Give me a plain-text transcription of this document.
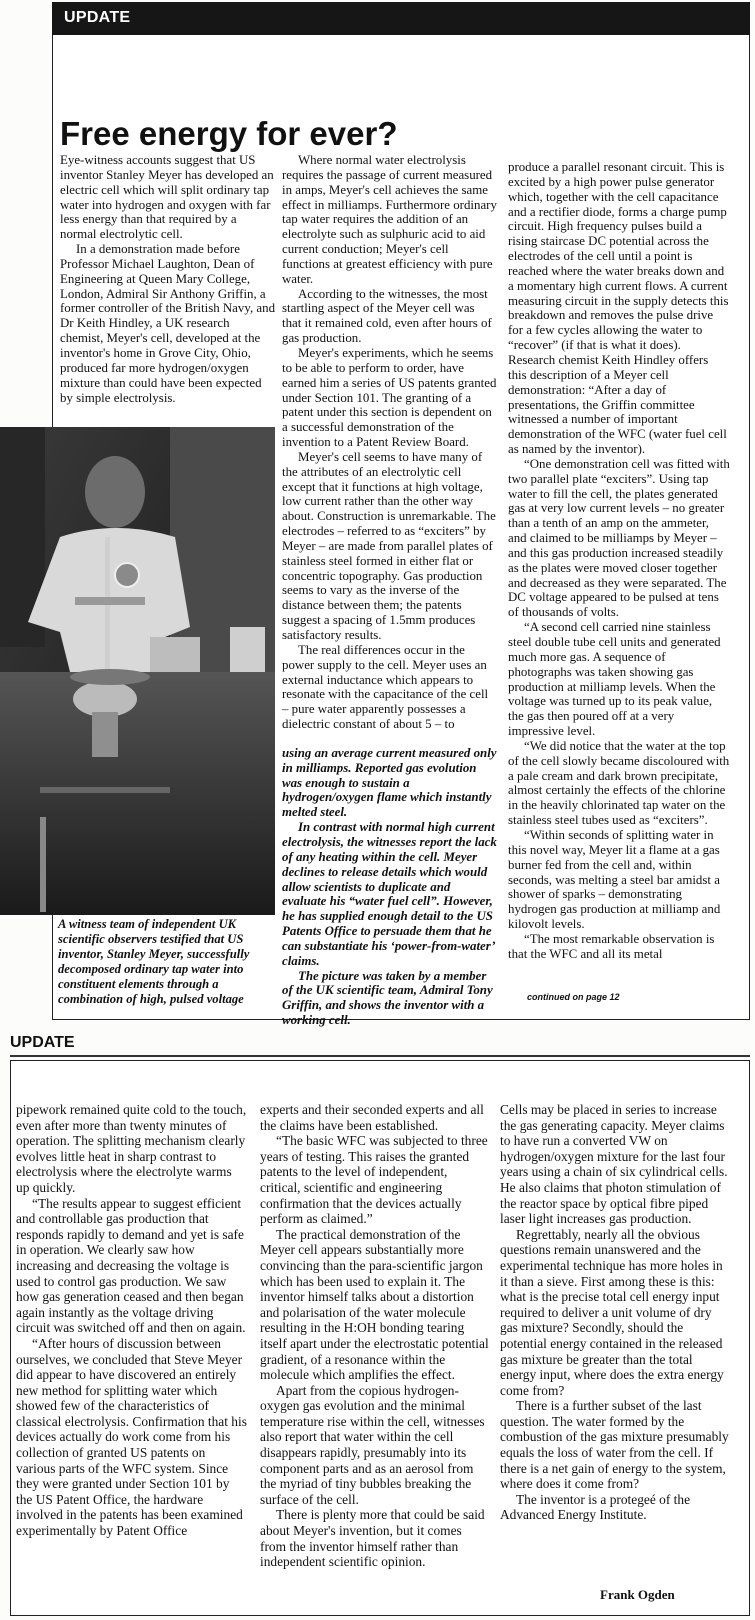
UPDATE
Free energy for ever?

Eye-witness accounts suggest that US inventor Stanley Meyer has developed an electric cell which will split ordinary tap water into hydrogen and oxygen with far less energy than that required by a normal electrolytic cell.

In a demonstration made before Professor Michael Laughton, Dean of Engineering at Queen Mary College, London, Admiral Sir Anthony Griffin, a former controller of the British Navy, and Dr Keith Hindley, a UK research chemist, Meyer's cell, developed at the inventor's home in Grove City, Ohio, produced far more hydrogen/oxygen mixture than could have been expected by simple electrolysis.

Where normal water electrolysis requires the passage of current measured in amps, Meyer's cell achieves the same effect in milliamps. Furthermore ordinary tap water requires the addition of an electrolyte such as sulphuric acid to aid current conduction; Meyer's cell functions at greatest efficiency with pure water.

According to the witnesses, the most startling aspect of the Meyer cell was that it remained cold, even after hours of gas production.

Meyer's experiments, which he seems to be able to perform to order, have earned him a series of US patents granted under Section 101. The granting of a patent under this section is dependent on a successful demonstration of the invention to a Patent Review Board.

Meyer's cell seems to have many of the attributes of an electrolytic cell except that it functions at high voltage, low current rather than the other way about. Construction is unremarkable. The electrodes – referred to as “exciters” by Meyer – are made from parallel plates of stainless steel formed in either flat or concentric topography. Gas production seems to vary as the inverse of the distance between them; the patents suggest a spacing of 1.5mm produces satisfactory results.

The real differences occur in the power supply to the cell. Meyer uses an external inductance which appears to resonate with the capacitance of the cell – pure water apparently possesses a dielectric constant of about 5 – to

using an average current measured only in milliamps. Reported gas evolution was enough to sustain a hydrogen/oxygen flame which instantly melted steel.

In contrast with normal high current electrolysis, the witnesses report the lack of any heating within the cell. Meyer declines to release details which would allow scientists to duplicate and evaluate his “water fuel cell”. However, he has supplied enough detail to the US Patents Office to persuade them that he can substantiate his ‘power-from-water’ claims.

The picture was taken by a member of the UK scientific team, Admiral Tony Griffin, and shows the inventor with a working cell.

produce a parallel resonant circuit. This is excited by a high power pulse generator which, together with the cell capacitance and a rectifier diode, forms a charge pump circuit. High frequency pulses build a rising staircase DC potential across the electrodes of the cell until a point is reached where the water breaks down and a momentary high current flows. A current measuring circuit in the supply detects this breakdown and removes the pulse drive for a few cycles allowing the water to “recover” (if that is what it does). Research chemist Keith Hindley offers this description of a Meyer cell demonstration: “After a day of presentations, the Griffin committee witnessed a number of important demonstration of the WFC (water fuel cell as named by the inventor).

“One demonstration cell was fitted with two parallel plate “exciters”. Using tap water to fill the cell, the plates generated gas at very low current levels – no greater than a tenth of an amp on the ammeter, and claimed to be milliamps by Meyer – and this gas production increased steadily as the plates were moved closer together and decreased as they were separated. The DC voltage appeared to be pulsed at tens of thousands of volts.

“A second cell carried nine stainless steel double tube cell units and generated much more gas. A sequence of photographs was taken showing gas production at milliamp levels. When the voltage was turned up to its peak value, the gas then poured off at a very impressive level.

“We did notice that the water at the top of the cell slowly became discoloured with a pale cream and dark brown precipitate, almost certainly the effects of the chlorine in the heavily chlorinated tap water on the stainless steel tubes used as “exciters”.

“Within seconds of splitting water in this novel way, Meyer lit a flame at a gas burner fed from the cell and, within seconds, was melting a steel bar amidst a shower of sparks – demonstrating hydrogen gas production at milliamp and kilovolt levels.

“The most remarkable observation is that the WFC and all its metal

A witness team of independent UK scientific observers testified that US inventor, Stanley Meyer, successfully decomposed ordinary tap water into constituent elements through a combination of high, pulsed voltage	continued on page 12
UPDATE

pipework remained quite cold to the touch, even after more than twenty minutes of operation. The splitting mechanism clearly evolves little heat in sharp contrast to electrolysis where the electrolyte warms up quickly.

“The results appear to suggest efficient and controllable gas production that responds rapidly to demand and yet is safe in operation. We clearly saw how increasing and decreasing the voltage is used to control gas production. We saw how gas generation ceased and then began again instantly as the voltage driving circuit was switched off and then on again.

“After hours of discussion between ourselves, we concluded that Steve Meyer did appear to have discovered an entirely new method for splitting water which showed few of the characteristics of classical electrolysis. Confirmation that his devices actually do work come from his collection of granted US patents on various parts of the WFC system. Since they were granted under Section 101 by the US Patent Office, the hardware involved in the patents has been examined experimentally by Patent Office

experts and their seconded experts and all the claims have been established.

“The basic WFC was subjected to three years of testing. This raises the granted patents to the level of independent, critical, scientific and engineering confirmation that the devices actually perform as claimed.”

The practical demonstration of the Meyer cell appears substantially more convincing than the para-scientific jargon which has been used to explain it. The inventor himself talks about a distortion and polarisation of the water molecule resulting in the H:OH bonding tearing itself apart under the electrostatic potential gradient, of a resonance within the molecule which amplifies the effect.

Apart from the copious hydrogen-oxygen gas evolution and the minimal temperature rise within the cell, witnesses also report that water within the cell disappears rapidly, presumably into its component parts and as an aerosol from the myriad of tiny bubbles breaking the surface of the cell.

There is plenty more that could be said about Meyer's invention, but it comes from the inventor himself rather than independent scientific opinion.

Cells may be placed in series to increase the gas generating capacity. Meyer claims to have run a converted VW on hydrogen/oxygen mixture for the last four years using a chain of six cylindrical cells. He also claims that photon stimulation of the reactor space by optical fibre piped laser light increases gas production.

Regrettably, nearly all the obvious questions remain unanswered and the experimental technique has more holes in it than a sieve. First among these is this: what is the precise total cell energy input required to deliver a unit volume of dry gas mixture? Secondly, should the potential energy contained in the released gas mixture be greater than the total energy input, where does the extra energy come from?

There is a further subset of the last question. The water formed by the combustion of the gas mixture presumably equals the loss of water from the cell. If there is a net gain of energy to the system, where does it come from?

The inventor is a protegeé of the Advanced Energy Institute.

Frank Ogden
